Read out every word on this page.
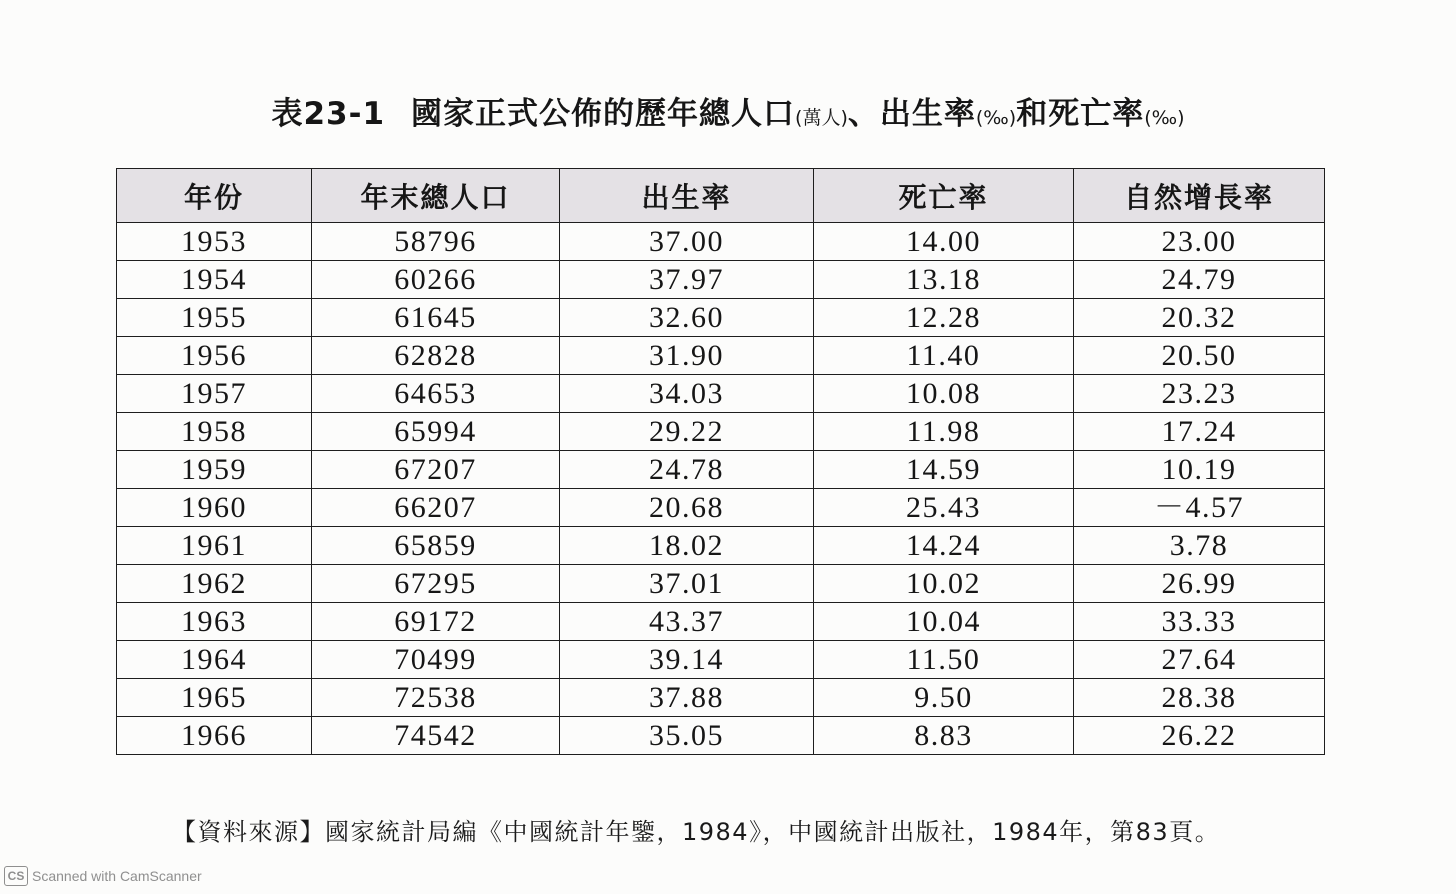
表23-1 國家正式公佈的歷年總人口(萬人)、出生率(‰)和死亡率(‰)
年份	年末總人口	出生率	死亡率	自然增長率
1953	58796	37.00	14.00	23.00
1954	60266	37.97	13.18	24.79
1955	61645	32.60	12.28	20.32
1956	62828	31.90	11.40	20.50
1957	64653	34.03	10.08	23.23
1958	65994	29.22	11.98	17.24
1959	67207	24.78	14.59	10.19
1960	66207	20.68	25.43	－4.57
1961	65859	18.02	14.24	3.78
1962	67295	37.01	10.02	26.99
1963	69172	43.37	10.04	33.33
1964	70499	39.14	11.50	27.64
1965	72538	37.88	9.50	28.38
1966	74542	35.05	8.83	26.22
【資料來源】國家統計局編《中國統計年鑒，1984》，中國統計出版社，1984年，第83頁。
CS Scanned with CamScanner
